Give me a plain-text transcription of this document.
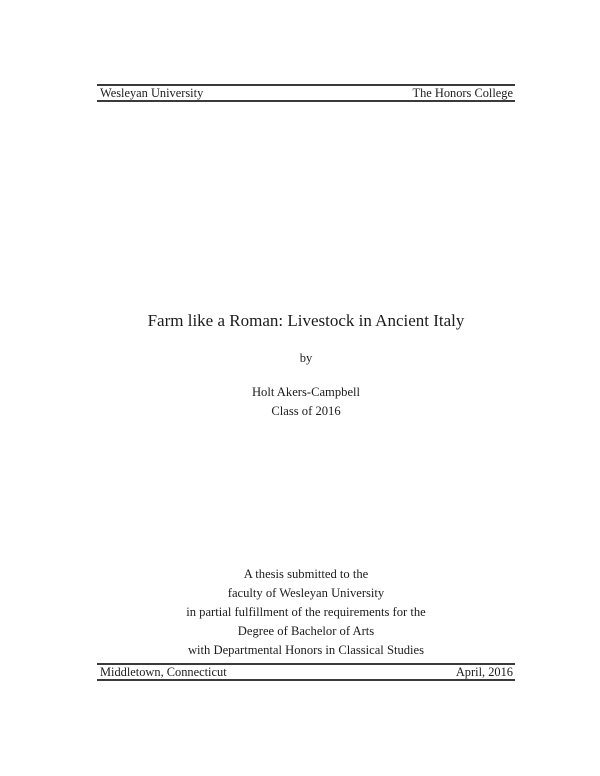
Wesleyan University	The Honors College
Farm like a Roman: Livestock in Ancient Italy
by
Holt Akers-Campbell
Class of 2016
A thesis submitted to the
faculty of Wesleyan University
in partial fulfillment of the requirements for the
Degree of Bachelor of Arts
with Departmental Honors in Classical Studies
Middletown, Connecticut	April, 2016
